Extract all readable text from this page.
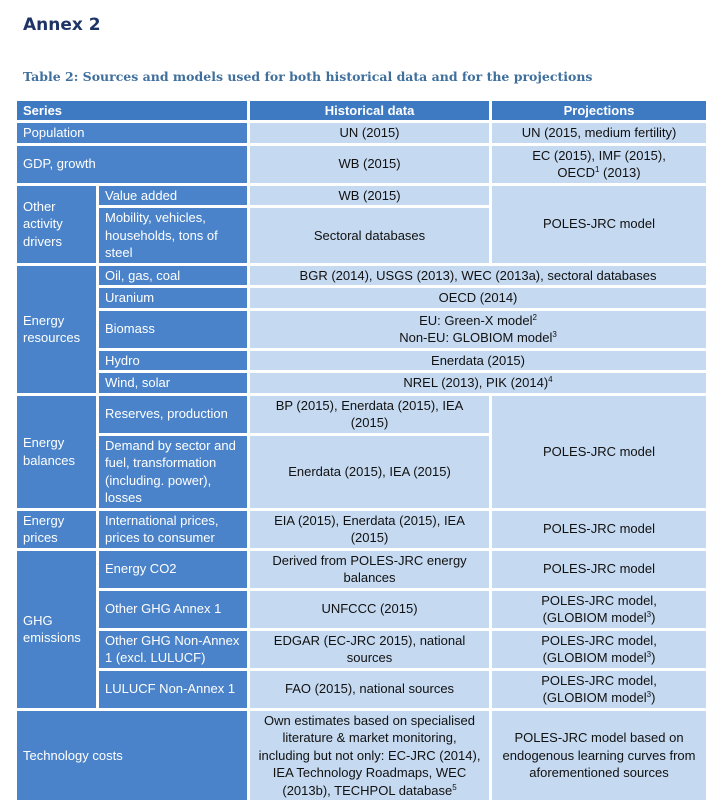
Annex 2

Table 2: Sources and models used for both historical data and for the projections

Series		Historical data	Projections
Population		UN (2015)	UN (2015, medium fertility)
GDP, growth		WB (2015)	EC (2015), IMF (2015),
OECD$^1$ (2013)
Other activity drivers	Value added	WB (2015)	POLES-JRC model
	Mobility, vehicles, households, tons of steel	Sectoral databases	
Energy resources	Oil, gas, coal	BGR (2014), USGS (2013), WEC (2013a), sectoral databases	
	Uranium	OECD (2014)	
	Biomass	EU: Green-X model$^2$
Non-EU: GLOBIOM model$^3$
	Hydro	Enerdata (2015)	
	Wind, solar	NREL (2013), PIK $(2014)^4$
Energy balances	Reserves, production	BP (2015), Enerdata (2015), IEA (2015)	POLES-JRC model
	Demand by sector and fuel, transformation (including. power), losses	Enerdata (2015), IEA (2015)	
Energy prices	International prices, prices to consumer	EIA (2015), Enerdata (2015), IEA (2015)	POLES-JRC model
GHG emissions	Energy CO2	Derived from POLES-JRC energy balances	POLES-JRC model
	Other GHG Annex 1	UNFCCC (2015)	POLES-JRC model,
(GLOBIOM model$^3$)
	Other GHG Non-Annex 1 (excl. LULUCF)	EDGAR (EC-JRC 2015), national sources	POLES-JRC model,
(GLOBIOM model$^3$)
	LULUCF Non-Annex 1	FAO (2015), national sources	POLES-JRC model,
(GLOBIOM model$^3$)
Technology costs		Own estimates based on specialised literature & market monitoring, including but not only: EC-JRC (2014), IEA Technology Roadmaps, WEC (2013b), TECHPOL database$^5$	POLES-JRC model based on endogenous learning curves from aforementioned sources
